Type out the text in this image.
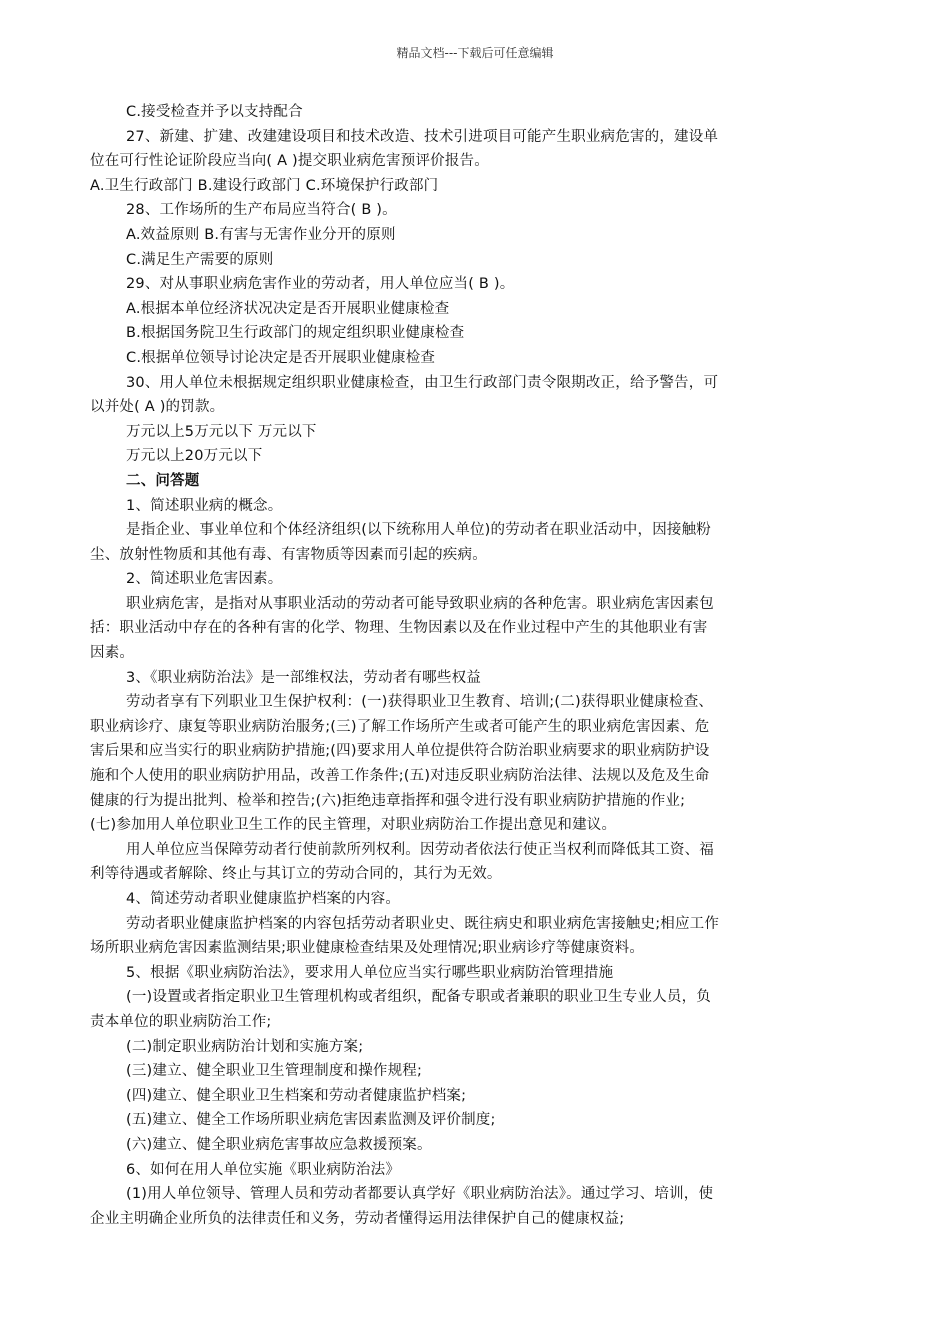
精品文档---下载后可任意编辑
C.接受检查并予以支持配合
27、新建、扩建、改建建设项目和技术改造、技术引进项目可能产生职业病危害的，建设单
位在可行性论证阶段应当向( A )提交职业病危害预评价报告。
A.卫生行政部门 B.建设行政部门 C.环境保护行政部门
28、工作场所的生产布局应当符合( B )。
A.效益原则 B.有害与无害作业分开的原则
C.满足生产需要的原则
29、对从事职业病危害作业的劳动者，用人单位应当( B )。
A.根据本单位经济状况决定是否开展职业健康检查
B.根据国务院卫生行政部门的规定组织职业健康检查
C.根据单位领导讨论决定是否开展职业健康检查
30、用人单位未根据规定组织职业健康检查，由卫生行政部门责令限期改正，给予警告，可
以并处( A )的罚款。
万元以上5万元以下 万元以下
万元以上20万元以下
二、问答题
1、简述职业病的概念。
是指企业、事业单位和个体经济组织(以下统称用人单位)的劳动者在职业活动中，因接触粉
尘、放射性物质和其他有毒、有害物质等因素而引起的疾病。
2、简述职业危害因素。
职业病危害，是指对从事职业活动的劳动者可能导致职业病的各种危害。职业病危害因素包
括：职业活动中存在的各种有害的化学、物理、生物因素以及在作业过程中产生的其他职业有害
因素。
3、《职业病防治法》是一部维权法，劳动者有哪些权益
劳动者享有下列职业卫生保护权利：(一)获得职业卫生教育、培训;(二)获得职业健康检查、
职业病诊疗、康复等职业病防治服务;(三)了解工作场所产生或者可能产生的职业病危害因素、危
害后果和应当实行的职业病防护措施;(四)要求用人单位提供符合防治职业病要求的职业病防护设
施和个人使用的职业病防护用品，改善工作条件;(五)对违反职业病防治法律、法规以及危及生命
健康的行为提出批判、检举和控告;(六)拒绝违章指挥和强令进行没有职业病防护措施的作业;
(七)参加用人单位职业卫生工作的民主管理，对职业病防治工作提出意见和建议。
用人单位应当保障劳动者行使前款所列权利。因劳动者依法行使正当权利而降低其工资、福
利等待遇或者解除、终止与其订立的劳动合同的，其行为无效。
4、简述劳动者职业健康监护档案的内容。
劳动者职业健康监护档案的内容包括劳动者职业史、既往病史和职业病危害接触史;相应工作
场所职业病危害因素监测结果;职业健康检查结果及处理情况;职业病诊疗等健康资料。
5、根据《职业病防治法》，要求用人单位应当实行哪些职业病防治管理措施
(一)设置或者指定职业卫生管理机构或者组织，配备专职或者兼职的职业卫生专业人员，负
责本单位的职业病防治工作;
(二)制定职业病防治计划和实施方案;
(三)建立、健全职业卫生管理制度和操作规程;
(四)建立、健全职业卫生档案和劳动者健康监护档案;
(五)建立、健全工作场所职业病危害因素监测及评价制度;
(六)建立、健全职业病危害事故应急救援预案。
6、如何在用人单位实施《职业病防治法》
(1)用人单位领导、管理人员和劳动者都要认真学好《职业病防治法》。通过学习、培训，使
企业主明确企业所负的法律责任和义务，劳动者懂得运用法律保护自己的健康权益;
